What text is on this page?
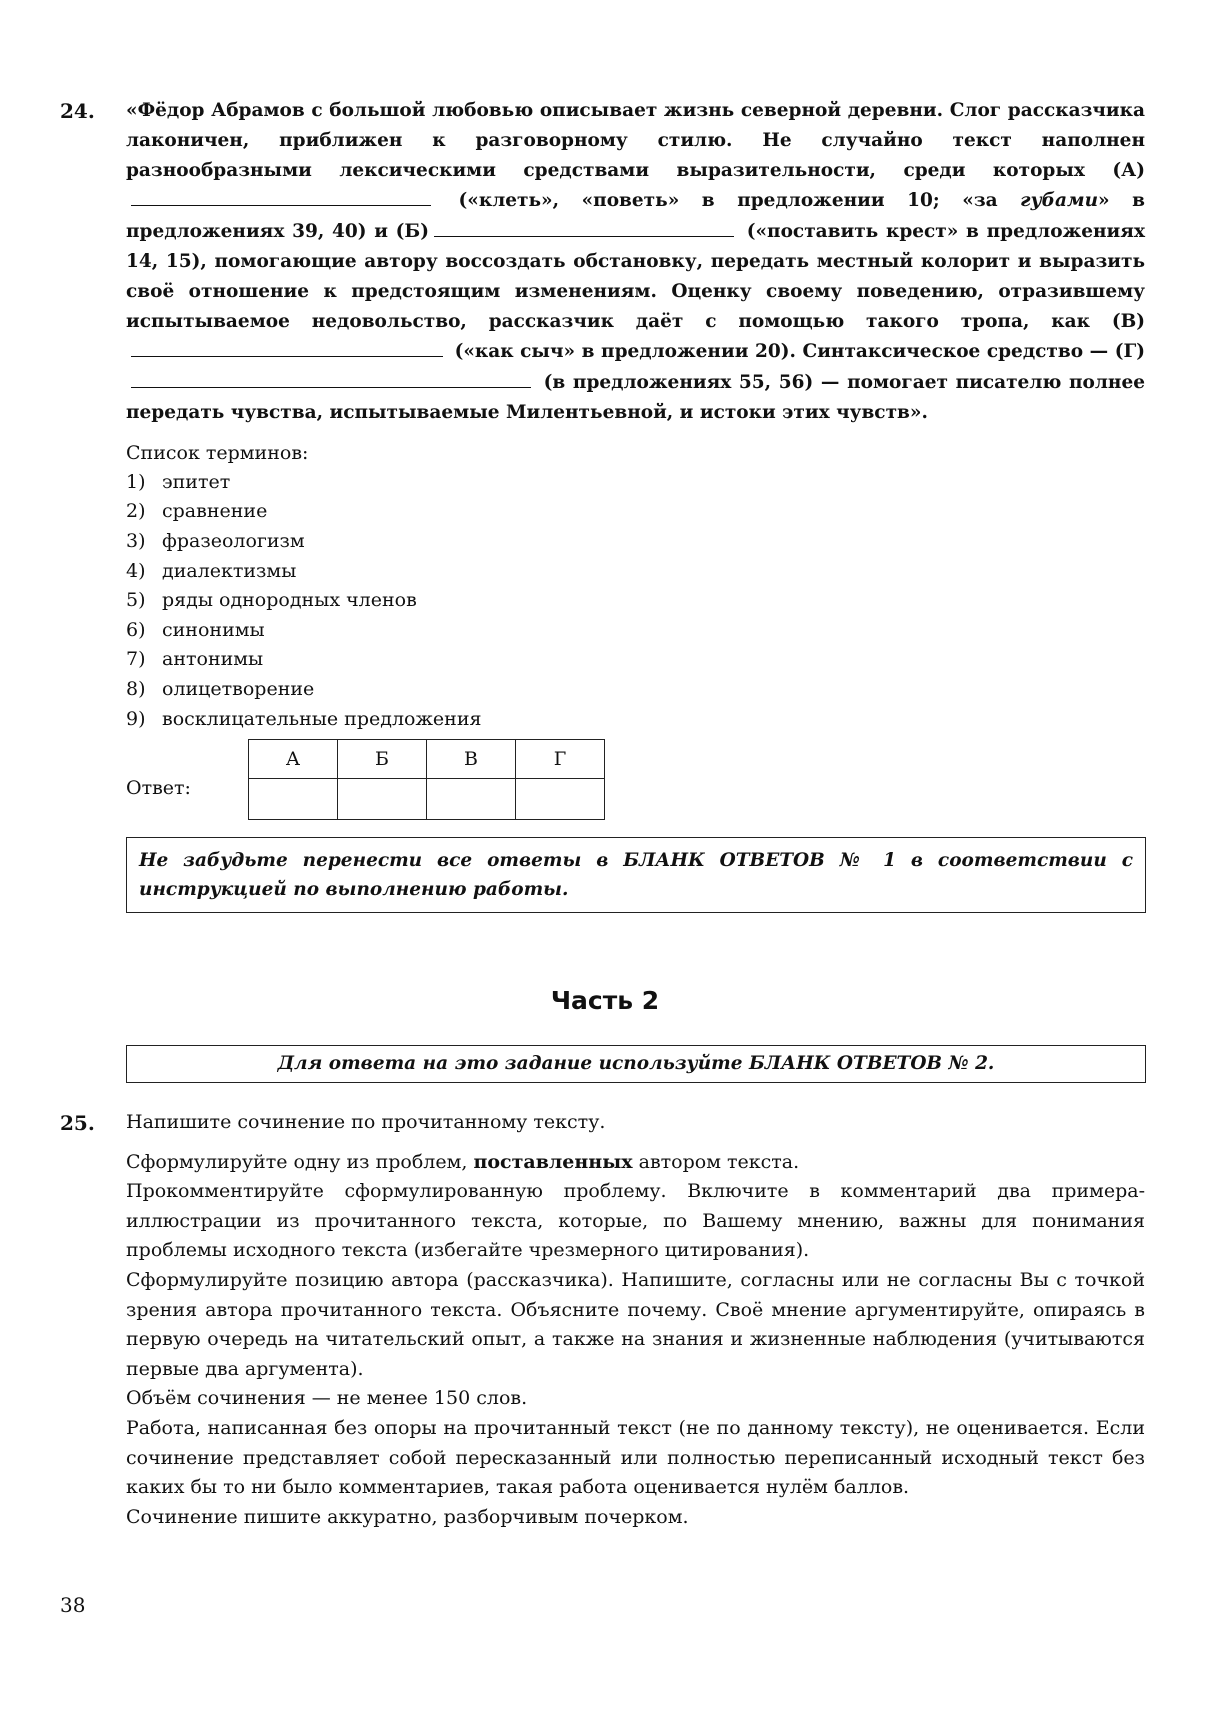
24. «Фёдор Абрамов с большой любовью описывает жизнь северной деревни. Слог рассказчика лаконичен, приближен к разговорному стилю. Не случайно текст наполнен разнообразными лексическими средствами выразительности, среди которых (А) («клеть», «поветь» в предложении 10; «за губами» в предложениях 39, 40) и (Б)	(«поставить крест» в предложениях 14, 15), помогающие автору воссоздать обстановку, передать местный колорит и выразить своё отношение к предстоящим изменениям. Оценку своему поведению, отразившему испытываемое недовольство, рассказчик даёт с помощью такого тропа, как (В) («как сыч» в предложении 20). Синтаксическое средство — (Г) (в предложениях 55, 56) — помогает писателю полнее передать чувства, испытываемые Милентьевной, и истоки этих чувств».

Список терминов:
1) эпитет
2) сравнение
3) фразеологизм
4) диалектизмы
5) ряды однородных членов
6) синонимы
7) антонимы
8) олицетворение
9) восклицательные предложения
Ответ:
А	Б	В	Г

Не забудьте перенести все ответы в БЛАНК ОТВЕТОВ № 1 в соответствии с инструкцией по выполнению работы.
Часть 2
Для ответа на это задание используйте БЛАНК ОТВЕТОВ № 2.
25. Напишите сочинение по прочитанному тексту.

Сформулируйте одну из проблем, поставленных автором текста.

Прокомментируйте сформулированную проблему. Включите в комментарий два примера-иллюстрации из прочитанного текста, которые, по Вашему мнению, важны для понимания проблемы исходного текста (избегайте чрезмерного цитирования).

Сформулируйте позицию автора (рассказчика). Напишите, согласны или не согласны Вы с точкой зрения автора прочитанного текста. Объясните почему. Своё мнение аргументируйте, опираясь в первую очередь на читательский опыт, а также на знания и жизненные наблюдения (учитываются первые два аргумента).

Объём сочинения — не менее 150 слов.

Работа, написанная без опоры на прочитанный текст (не по данному тексту), не оценивается. Если сочинение представляет собой пересказанный или полностью переписанный исходный текст без каких бы то ни было комментариев, такая работа оценивается нулём баллов.

Сочинение пишите аккуратно, разборчивым почерком.

38
